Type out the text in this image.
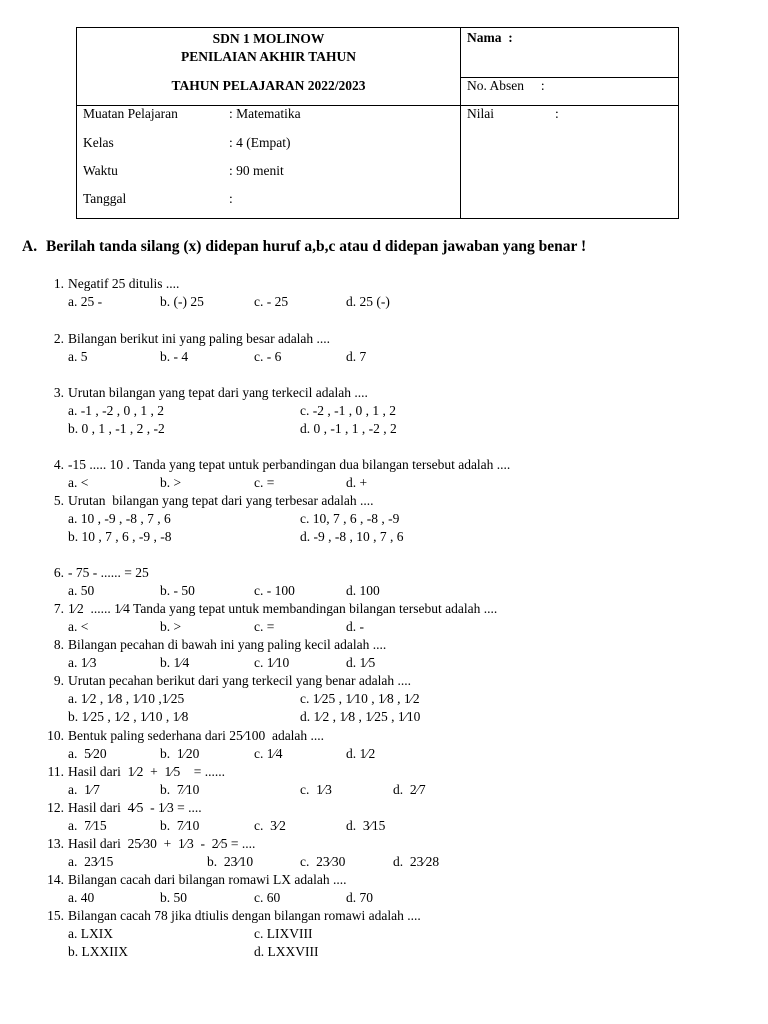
SDN 1 MOLINOW
PENILAIAN AKHIR TAHUN
TAHUN PELAJARAN 2022/2023
Nama  :
No. Absen     :
Nilai	:
Muatan Pelajaran	: Matematika
Kelas	: 4 (Empat)
Waktu	: 90 menit
Tanggal	:
A. Berilah tanda silang (x) didepan huruf a,b,c atau d didepan jawaban yang benar !
1. Negatif 25 ditulis ....
a. 25 -	b. (-) 25	c. - 25	d. 25 (-)
2. Bilangan berikut ini yang paling besar adalah ....
a. 5	b. - 4	c. - 6	d. 7
3. Urutan bilangan yang tepat dari yang terkecil adalah ....
a. -1 , -2 , 0 , 1 , 2	c. -2 , -1 , 0 , 1 , 2
b. 0 , 1 , -1 , 2 , -2	d. 0 , -1 , 1 , -2 , 2
4. -15 ..... 10 . Tanda yang tepat untuk perbandingan dua bilangan tersebut adalah ....
a. <	b. >	c. =	d. +
5. Urutan  bilangan yang tepat dari yang terbesar adalah ....
a. 10 , -9 , -8 , 7 , 6	c. 10, 7 , 6 , -8 , -9
b. 10 , 7 , 6 , -9 , -8	d. -9 , -8 , 10 , 7 , 6
6. - 75 - ...... = 25
a. 50	b. - 50	c. - 100	d. 100
7. 1⁄2  ...... 1⁄4 Tanda yang tepat untuk membandingan bilangan tersebut adalah ....
a. <	b. >	c. =	d. -
8. Bilangan pecahan di bawah ini yang paling kecil adalah ....
a. 1⁄3	b. 1⁄4	c. 1⁄10	d. 1⁄5
9. Urutan pecahan berikut dari yang terkecil yang benar adalah ....
a. 1⁄2 , 1⁄8 , 1⁄10 ,1⁄25	c. 1⁄25 , 1⁄10 , 1⁄8 , 1⁄2
b. 1⁄25 , 1⁄2 , 1⁄10 , 1⁄8	d. 1⁄2 , 1⁄8 , 1⁄25 , 1⁄10
10. Bentuk paling sederhana dari 25⁄100  adalah ....
a.  5⁄20	b.  1⁄20	c. 1⁄4	d. 1⁄2
11. Hasil dari  1⁄2  +  1⁄5    = ......
a.  1⁄7	b.  7⁄10	c.  1⁄3	d.  2⁄7
12. Hasil dari  4⁄5  - 1⁄3 = ....
a.  7⁄15	b.  7⁄10	c.  3⁄2	d.  3⁄15
13. Hasil dari  25⁄30  +  1⁄3  -  2⁄5 = ....
a.  23⁄15	b.  23⁄10	c.  23⁄30	d.  23⁄28
14. Bilangan cacah dari bilangan romawi LX adalah ....
a. 40	b. 50	c. 60	d. 70
15. Bilangan cacah 78 jika dtiulis dengan bilangan romawi adalah ....
a. LXIX	c. LIXVIII
b. LXXIIX	d. LXXVIII
